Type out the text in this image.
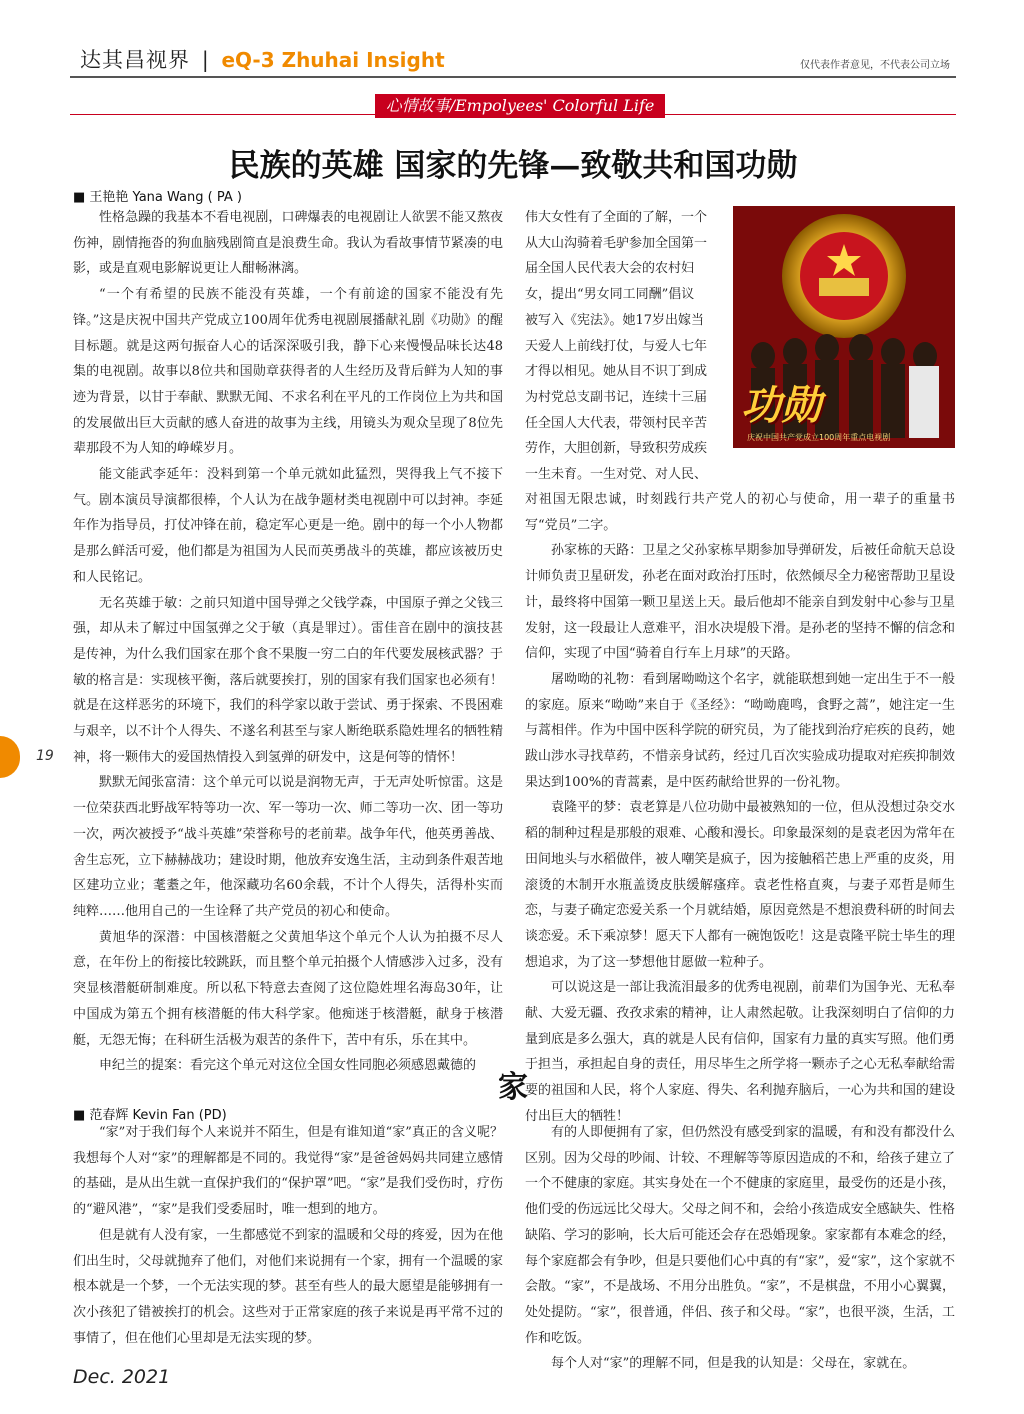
达其昌视界 | eQ-3 Zhuhai Insight	仅代表作者意见，不代表公司立场
心情故事/Empolyees' Colorful Life
民族的英雄 国家的先锋—致敬共和国功勋
■ 王艳艳 Yana Wang ( PA )

性格急躁的我基本不看电视剧，口碑爆表的电视剧让人欲罢不能又熬夜伤神，剧情拖沓的狗血脑残剧简直是浪费生命。我认为看故事情节紧凑的电影，或是直观电影解说更让人酣畅淋漓。

“一个有希望的民族不能没有英雄，一个有前途的国家不能没有先锋。”这是庆祝中国共产党成立100周年优秀电视剧展播献礼剧《功勋》的醒目标题。就是这两句振奋人心的话深深吸引我，静下心来慢慢品味长达48集的电视剧。故事以8位共和国勋章获得者的人生经历及背后鲜为人知的事迹为背景，以甘于奉献、默默无闻、不求名利在平凡的工作岗位上为共和国的发展做出巨大贡献的感人奋进的故事为主线，用镜头为观众呈现了8位先辈那段不为人知的峥嵘岁月。

能文能武李延年：没料到第一个单元就如此猛烈，哭得我上气不接下气。剧本演员导演都很棒，个人认为在战争题材类电视剧中可以封神。李延年作为指导员，打仗冲锋在前，稳定军心更是一绝。剧中的每一个小人物都是那么鲜活可爱，他们都是为祖国为人民而英勇战斗的英雄，都应该被历史和人民铭记。

无名英雄于敏：之前只知道中国导弹之父钱学森，中国原子弹之父钱三强，却从未了解过中国氢弹之父于敏（真是罪过）。雷佳音在剧中的演技甚是传神，为什么我们国家在那个食不果腹一穷二白的年代要发展核武器？于敏的格言是：实现核平衡，落后就要挨打，别的国家有我们国家也必须有！就是在这样恶劣的环境下，我们的科学家以敢于尝试、勇于探索、不畏困难与艰辛，以不计个人得失、不遂名利甚至与家人断绝联系隐姓埋名的牺牲精神，将一颗伟大的爱国热情投入到氢弹的研发中，这是何等的情怀！

默默无闻张富清：这个单元可以说是润物无声，于无声处听惊雷。这是一位荣获西北野战军特等功一次、军一等功一次、师二等功一次、团一等功一次，两次被授予“战斗英雄”荣誉称号的老前辈。战争年代，他英勇善战、舍生忘死，立下赫赫战功；建设时期，他放弃安逸生活，主动到条件艰苦地区建功立业；耄耋之年，他深藏功名60余载，不计个人得失，活得朴实而纯粹……他用自己的一生诠释了共产党员的初心和使命。

黄旭华的深潜：中国核潜艇之父黄旭华这个单元个人认为拍摄不尽人意，在年份上的衔接比较跳跃，而且整个单元拍摄个人情感涉入过多，没有突显核潜艇研制难度。所以私下特意去查阅了这位隐姓埋名海岛30年，让中国成为第五个拥有核潜艇的伟大科学家。他痴迷于核潜艇，献身于核潜艇，无怨无悔；在科研生活极为艰苦的条件下，苦中有乐，乐在其中。

申纪兰的提案：看完这个单元对这位全国女性同胞必须感恩戴德的

伟大女性有了全面的了解，一个

从大山沟骑着毛驴参加全国第一

届全国人民代表大会的农村妇

女，提出“男女同工同酬”倡议

被写入《宪法》。她17岁出嫁当

天爱人上前线打仗，与爱人七年

才得以相见。她从目不识丁到成

为村党总支副书记，连续十三届

任全国人大代表，带领村民辛苦

劳作，大胆创新，导致积劳成疾

一生未育。一生对党、对人民、

功勋
庆祝中国共产党成立100周年重点电视剧

对祖国无限忠诚，时刻践行共产党人的初心与使命，用一辈子的重量书写“党员”二字。

孙家栋的天路：卫星之父孙家栋早期参加导弹研发，后被任命航天总设计师负责卫星研发，孙老在面对政治打压时，依然倾尽全力秘密帮助卫星设计，最终将中国第一颗卫星送上天。最后他却不能亲自到发射中心参与卫星发射，这一段最让人意难平，泪水决堤般下滑。是孙老的坚持不懈的信念和信仰，实现了中国“骑着自行车上月球”的天路。

屠呦呦的礼物：看到屠呦呦这个名字，就能联想到她一定出生于不一般的家庭。原来“呦呦”来自于《圣经》：“呦呦鹿鸣，食野之蒿”，她注定一生与蒿相伴。作为中国中医科学院的研究员，为了能找到治疗疟疾的良药，她跋山涉水寻找草药，不惜亲身试药，经过几百次实验成功提取对疟疾抑制效果达到100%的青蒿素，是中医药献给世界的一份礼物。

袁隆平的梦：袁老算是八位功勋中最被熟知的一位，但从没想过杂交水稻的制种过程是那般的艰难、心酸和漫长。印象最深刻的是袁老因为常年在田间地头与水稻做伴，被人嘲笑是疯子，因为接触稻芒患上严重的皮炎，用滚烫的木制开水瓶盖烫皮肤缓解瘙痒。袁老性格直爽，与妻子邓哲是师生恋，与妻子确定恋爱关系一个月就结婚，原因竟然是不想浪费科研的时间去谈恋爱。禾下乘凉梦！愿天下人都有一碗饱饭吃！这是袁隆平院士毕生的理想追求，为了这一梦想他甘愿做一粒种子。

可以说这是一部让我流泪最多的优秀电视剧，前辈们为国争光、无私奉献、大爱无疆、孜孜求索的精神，让人肃然起敬。让我深刻明白了信仰的力量到底是多么强大，真的就是人民有信仰，国家有力量的真实写照。他们勇于担当，承担起自身的责任，用尽毕生之所学将一颗赤子之心无私奉献给需要的祖国和人民，将个人家庭、得失、名利抛弃脑后，一心为共和国的建设付出巨大的牺牲！

家
■ 范春辉 Kevin Fan (PD)

“家”对于我们每个人来说并不陌生，但是有谁知道“家”真正的含义呢？我想每个人对“家”的理解都是不同的。我觉得“家”是爸爸妈妈共同建立感情的基础，是从出生就一直保护我们的“保护罩”吧。“家”是我们受伤时，疗伤的“避风港”，“家”是我们受委屈时，唯一想到的地方。

但是就有人没有家，一生都感觉不到家的温暖和父母的疼爱，因为在他们出生时，父母就抛弃了他们，对他们来说拥有一个家，拥有一个温暖的家根本就是一个梦，一个无法实现的梦。甚至有些人的最大愿望是能够拥有一次小孩犯了错被挨打的机会。这些对于正常家庭的孩子来说是再平常不过的事情了，但在他们心里却是无法实现的梦。

有的人即便拥有了家，但仍然没有感受到家的温暖，有和没有都没什么区别。因为父母的吵闹、计较、不理解等等原因造成的不和，给孩子建立了一个不健康的家庭。其实身处在一个不健康的家庭里，最受伤的还是小孩，他们受的伤远远比父母大。父母之间不和，会给小孩造成安全感缺失、性格缺陷、学习的影响，长大后可能还会存在恐婚现象。家家都有本难念的经，每个家庭都会有争吵，但是只要他们心中真的有“家”，爱“家”，这个家就不会散。“家”，不是战场、不用分出胜负。“家”，不是棋盘，不用小心翼翼，处处提防。“家”，很普通，伴侣、孩子和父母。“家”，也很平淡，生活，工作和吃饭。

每个人对“家”的理解不同，但是我的认知是：父母在，家就在。

19
Dec. 2021
